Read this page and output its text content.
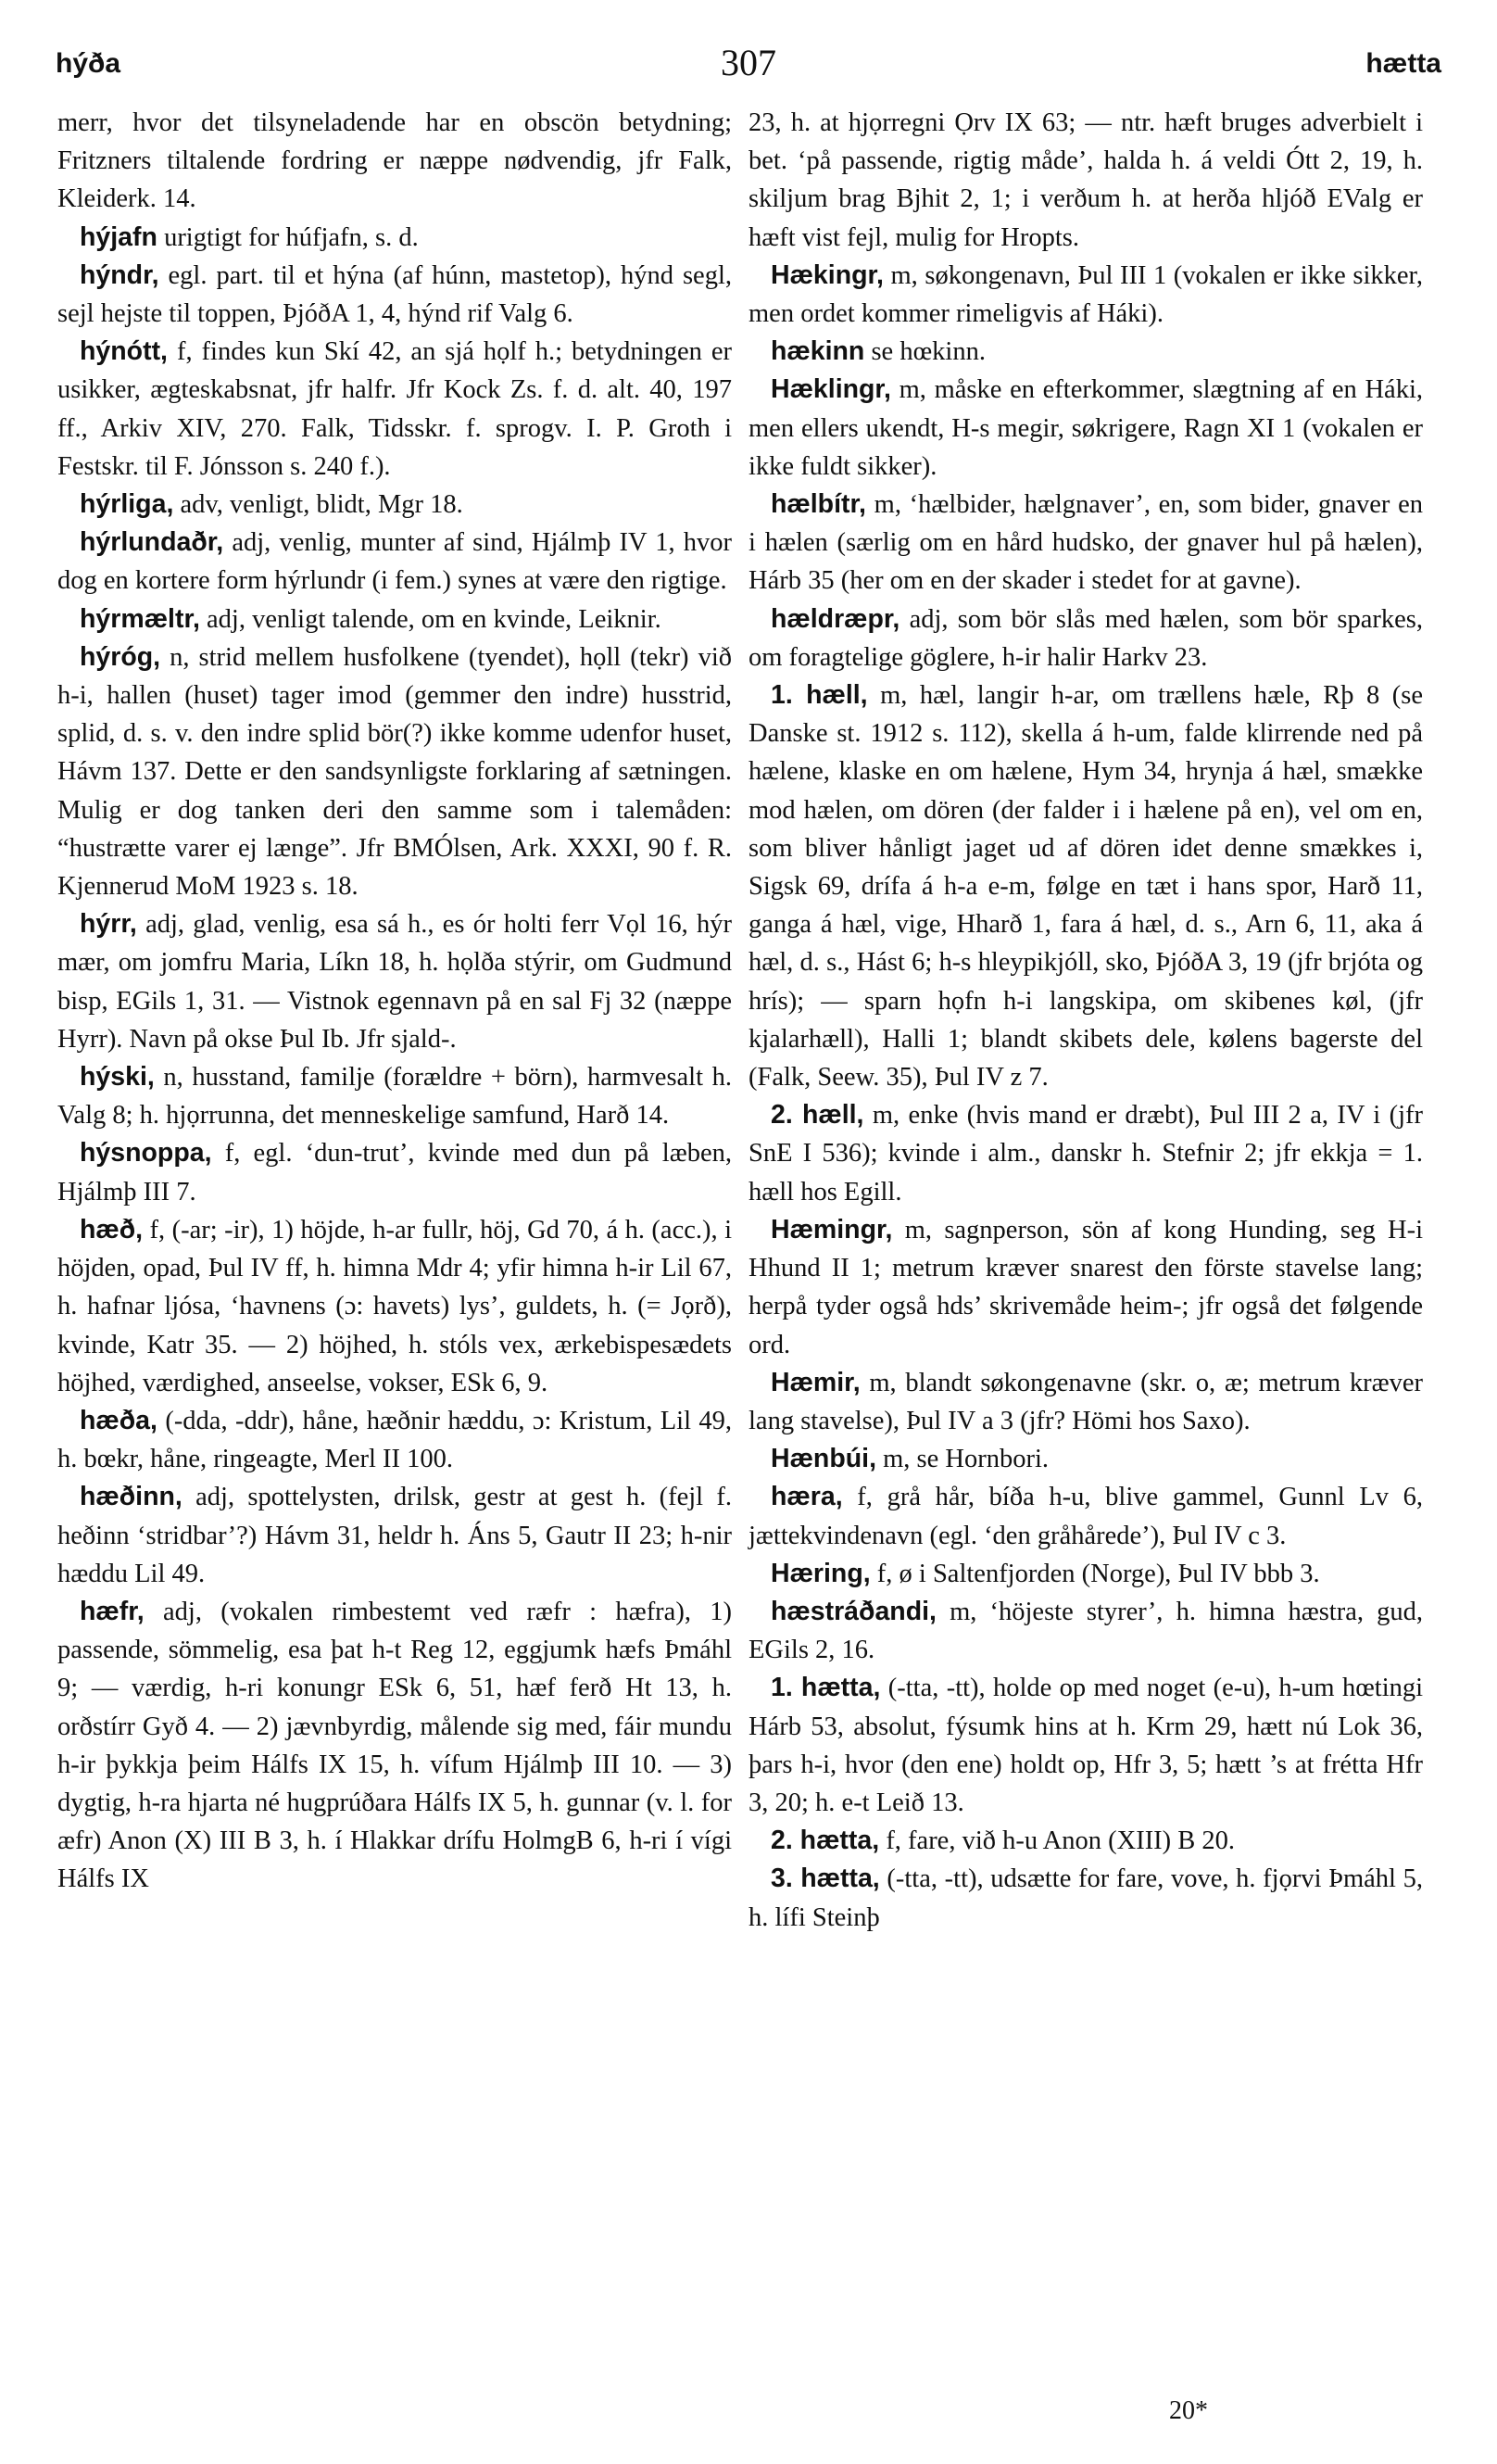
hýða	307	hætta

merr, hvor det tilsyneladende har en obscön betydning; Fritzners tiltalende fordring er næppe nødvendig, jfr Falk, Kleiderk. 14.

hýjafn urigtigt for húfjafn, s. d.

hýndr, egl. part. til et hýna (af húnn, mastetop), hýnd segl, sejl hejste til toppen, ÞjóðA 1, 4, hýnd rif Valg 6.

hýnótt, f, findes kun Skí 42, an sjá họlf h.; betydningen er usikker, ægteskabsnat, jfr halfr. Jfr Kock Zs. f. d. alt. 40, 197 ff., Arkiv XIV, 270. Falk, Tidsskr. f. sprogv. I. P. Groth i Festskr. til F. Jónsson s. 240 f.).

hýrliga, adv, venligt, blidt, Mgr 18.

hýrlundaðr, adj, venlig, munter af sind, Hjálmþ IV 1, hvor dog en kortere form hýrlundr (i fem.) synes at være den rigtige.

hýrmæltr, adj, venligt talende, om en kvinde, Leiknir.

hýróg, n, strid mellem husfolkene (tyendet), họll (tekr) við h-i, hallen (huset) tager imod (gemmer den indre) husstrid, splid, d. s. v. den indre splid bör(?) ikke komme udenfor huset, Hávm 137. Dette er den sandsynligste forklaring af sætningen. Mulig er dog tanken deri den samme som i talemåden: “hustrætte varer ej længe”. Jfr BMÓlsen, Ark. XXXI, 90 f. R. Kjennerud MoM 1923 s. 18.

hýrr, adj, glad, venlig, esa sá h., es ór holti ferr Vọl 16, hýr mær, om jomfru Maria, Líkn 18, h. họlða stýrir, om Gudmund bisp, EGils 1, 31. — Vistnok egennavn på en sal Fj 32 (næppe Hyrr). Navn på okse Þul Ib. Jfr sjald-.

hýski, n, husstand, familje (forældre + börn), harmvesalt h. Valg 8; h. hjọrrunna, det menneskelige samfund, Harð 14.

hýsnoppa, f, egl. ‘dun-trut’, kvinde med dun på læben, Hjálmþ III 7.

hæð, f, (-ar; -ir), 1) höjde, h-ar fullr, höj, Gd 70, á h. (acc.), i höjden, opad, Þul IV ff, h. himna Mdr 4; yfir himna h-ir Lil 67, h. hafnar ljósa, ‘havnens (ɔ: havets) lys’, guldets, h. (= Jọrð), kvinde, Katr 35. — 2) höjhed, h. stóls vex, ærkebispesædets höjhed, værdighed, anseelse, vokser, ESk 6, 9.

hæða, (-dda, -ddr), håne, hæðnir hæddu, ɔ: Kristum, Lil 49, h. bœkr, håne, ringeagte, Merl II 100.

hæðinn, adj, spottelysten, drilsk, gestr at gest h. (fejl f. heðinn ‘stridbar’?) Hávm 31, heldr h. Áns 5, Gautr II 23; h-nir hæddu Lil 49.

hæfr, adj, (vokalen rimbestemt ved ræfr : hæfra), 1) passende, sömmelig, esa þat h-t Reg 12, eggjumk hæfs Þmáhl 9; — værdig, h-ri konungr ESk 6, 51, hæf ferð Ht 13, h. orðstírr Gyð 4. — 2) jævnbyrdig, målende sig med, fáir mundu h-ir þykkja þeim Hálfs IX 15, h. vífum Hjálmþ III 10. — 3) dygtig, h-ra hjarta né hugprúðara Hálfs IX 5, h. gunnar (v. l. for æfr) Anon (X) III B 3, h. í Hlakkar drífu HolmgB 6, h-ri í vígi Hálfs IX

23, h. at hjọrregni Ọrv IX 63; — ntr. hæft bruges adverbielt i bet. ‘på passende, rigtig måde’, halda h. á veldi Ótt 2, 19, h. skiljum brag Bjhit 2, 1; i verðum h. at herða hljóð EValg er hæft vist fejl, mulig for Hropts.

Hækingr, m, søkongenavn, Þul III 1 (vokalen er ikke sikker, men ordet kommer rimeligvis af Háki).

hækinn se hœkinn.

Hæklingr, m, måske en efterkommer, slægtning af en Háki, men ellers ukendt, H-s megir, søkrigere, Ragn XI 1 (vokalen er ikke fuldt sikker).

hælbítr, m, ‘hælbider, hælgnaver’, en, som bider, gnaver en i hælen (særlig om en hård hudsko, der gnaver hul på hælen), Hárb 35 (her om en der skader i stedet for at gavne).

hældræpr, adj, som bör slås med hælen, som bör sparkes, om foragtelige göglere, h-ir halir Harkv 23.

1. hæll, m, hæl, langir h-ar, om trællens hæle, Rþ 8 (se Danske st. 1912 s. 112), skella á h-um, falde klirrende ned på hælene, klaske en om hælene, Hym 34, hrynja á hæl, smække mod hælen, om dören (der falder i i hælene på en), vel om en, som bliver hånligt jaget ud af dören idet denne smækkes i, Sigsk 69, drífa á h-a e-m, følge en tæt i hans spor, Harð 11, ganga á hæl, vige, Hharð 1, fara á hæl, d. s., Arn 6, 11, aka á hæl, d. s., Hást 6; h-s hleypikjóll, sko, ÞjóðA 3, 19 (jfr brjóta og hrís); — sparn họfn h-i langskipa, om skibenes køl, (jfr kjalarhæll), Halli 1; blandt skibets dele, kølens bagerste del (Falk, Seew. 35), Þul IV z 7.

2. hæll, m, enke (hvis mand er dræbt), Þul III 2 a, IV i (jfr SnE I 536); kvinde i alm., danskr h. Stefnir 2; jfr ekkja = 1. hæll hos Egill.

Hæmingr, m, sagnperson, sön af kong Hunding, seg H-i Hhund II 1; metrum kræver snarest den förste stavelse lang; herpå tyder også hds’ skrivemåde heim-; jfr også det følgende ord.

Hæmir, m, blandt søkongenavne (skr. o, æ; metrum kræver lang stavelse), Þul IV a 3 (jfr? Hömi hos Saxo).

Hænbúi, m, se Hornbori.

hæra, f, grå hår, bíða h-u, blive gammel, Gunnl Lv 6, jættekvindenavn (egl. ‘den gråhårede’), Þul IV c 3.

Hæring, f, ø i Saltenfjorden (Norge), Þul IV bbb 3.

hæstráðandi, m, ‘höjeste styrer’, h. himna hæstra, gud, EGils 2, 16.

1. hætta, (-tta, -tt), holde op med noget (e-u), h-um hœtingi Hárb 53, absolut, fýsumk hins at h. Krm 29, hætt nú Lok 36, þars h-i, hvor (den ene) holdt op, Hfr 3, 5; hætt ’s at frétta Hfr 3, 20; h. e-t Leið 13.

2. hætta, f, fare, við h-u Anon (XIII) B 20.

3. hætta, (-tta, -tt), udsætte for fare, vove, h. fjọrvi Þmáhl 5, h. lífi Steinþ

20*
